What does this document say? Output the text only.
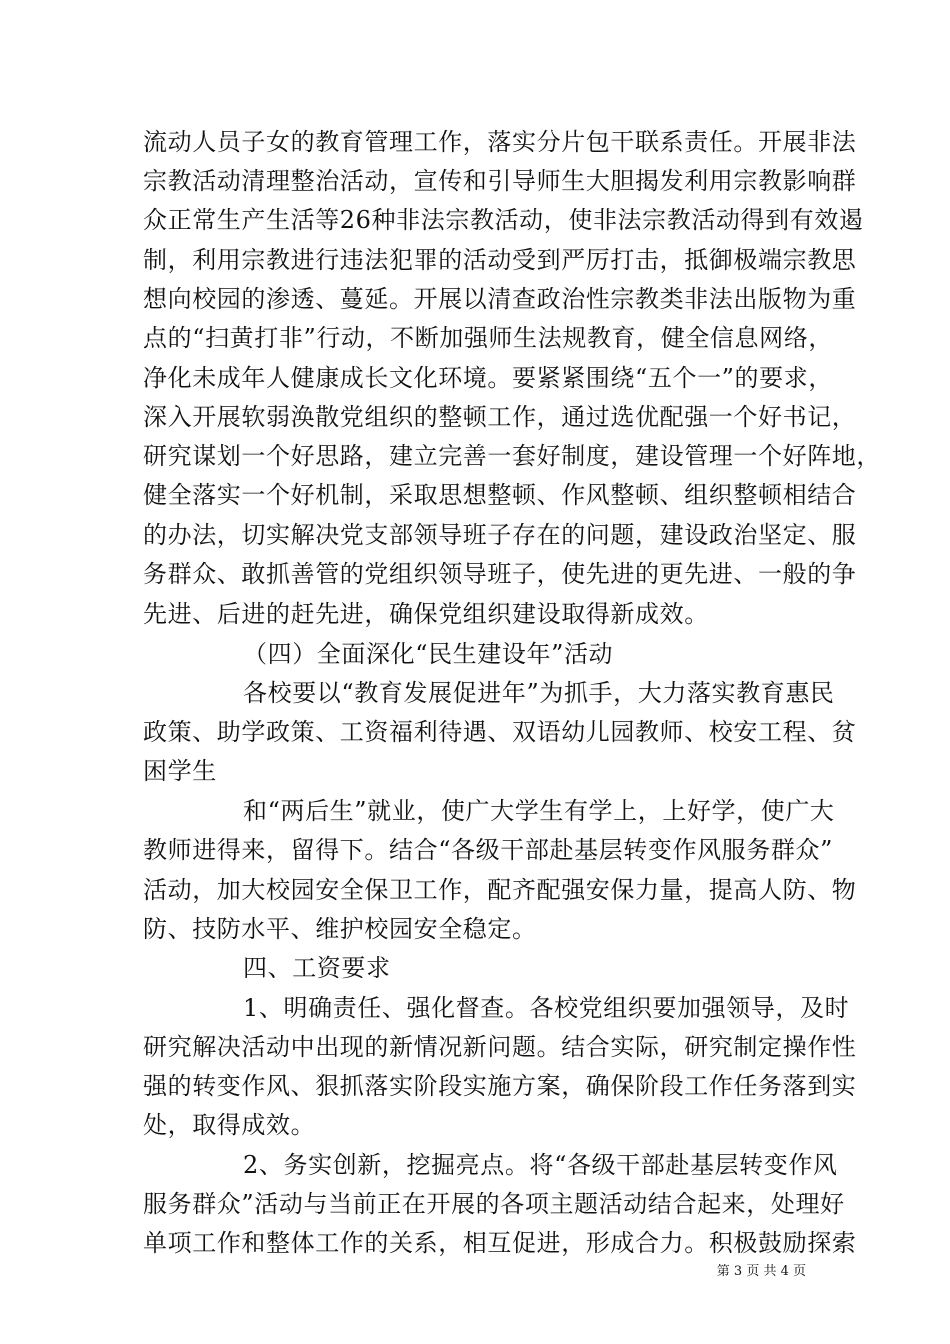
流动人员子女的教育管理工作，落实分片包干联系责任。开展非法
宗教活动清理整治活动，宣传和引导师生大胆揭发利用宗教影响群
众正常生产生活等26种非法宗教活动，使非法宗教活动得到有效遏
制，利用宗教进行违法犯罪的活动受到严厉打击，抵御极端宗教思
想向校园的渗透、蔓延。开展以清查政治性宗教类非法出版物为重
点的“扫黄打非”行动，不断加强师生法规教育，健全信息网络，
净化未成年人健康成长文化环境。要紧紧围绕“五个一”的要求，
深入开展软弱涣散党组织的整顿工作，通过选优配强一个好书记，
研究谋划一个好思路，建立完善一套好制度，建设管理一个好阵地，
健全落实一个好机制，采取思想整顿、作风整顿、组织整顿相结合
的办法，切实解决党支部领导班子存在的问题，建设政治坚定、服
务群众、敢抓善管的党组织领导班子，使先进的更先进、一般的争
先进、后进的赶先进，确保党组织建设取得新成效。
（四）全面深化“民生建设年”活动
各校要以“教育发展促进年”为抓手，大力落实教育惠民
政策、助学政策、工资福利待遇、双语幼儿园教师、校安工程、贫
困学生
和“两后生”就业，使广大学生有学上，上好学，使广大
教师进得来，留得下。结合“各级干部赴基层转变作风服务群众”
活动，加大校园安全保卫工作，配齐配强安保力量，提高人防、物
防、技防水平、维护校园安全稳定。
四、工资要求
1、明确责任、强化督查。各校党组织要加强领导，及时
研究解决活动中出现的新情况新问题。结合实际，研究制定操作性
强的转变作风、狠抓落实阶段实施方案，确保阶段工作任务落到实
处，取得成效。
2、务实创新，挖掘亮点。将“各级干部赴基层转变作风
服务群众”活动与当前正在开展的各项主题活动结合起来，处理好
单项工作和整体工作的关系，相互促进，形成合力。积极鼓励探索
第 3 页 共 4 页
